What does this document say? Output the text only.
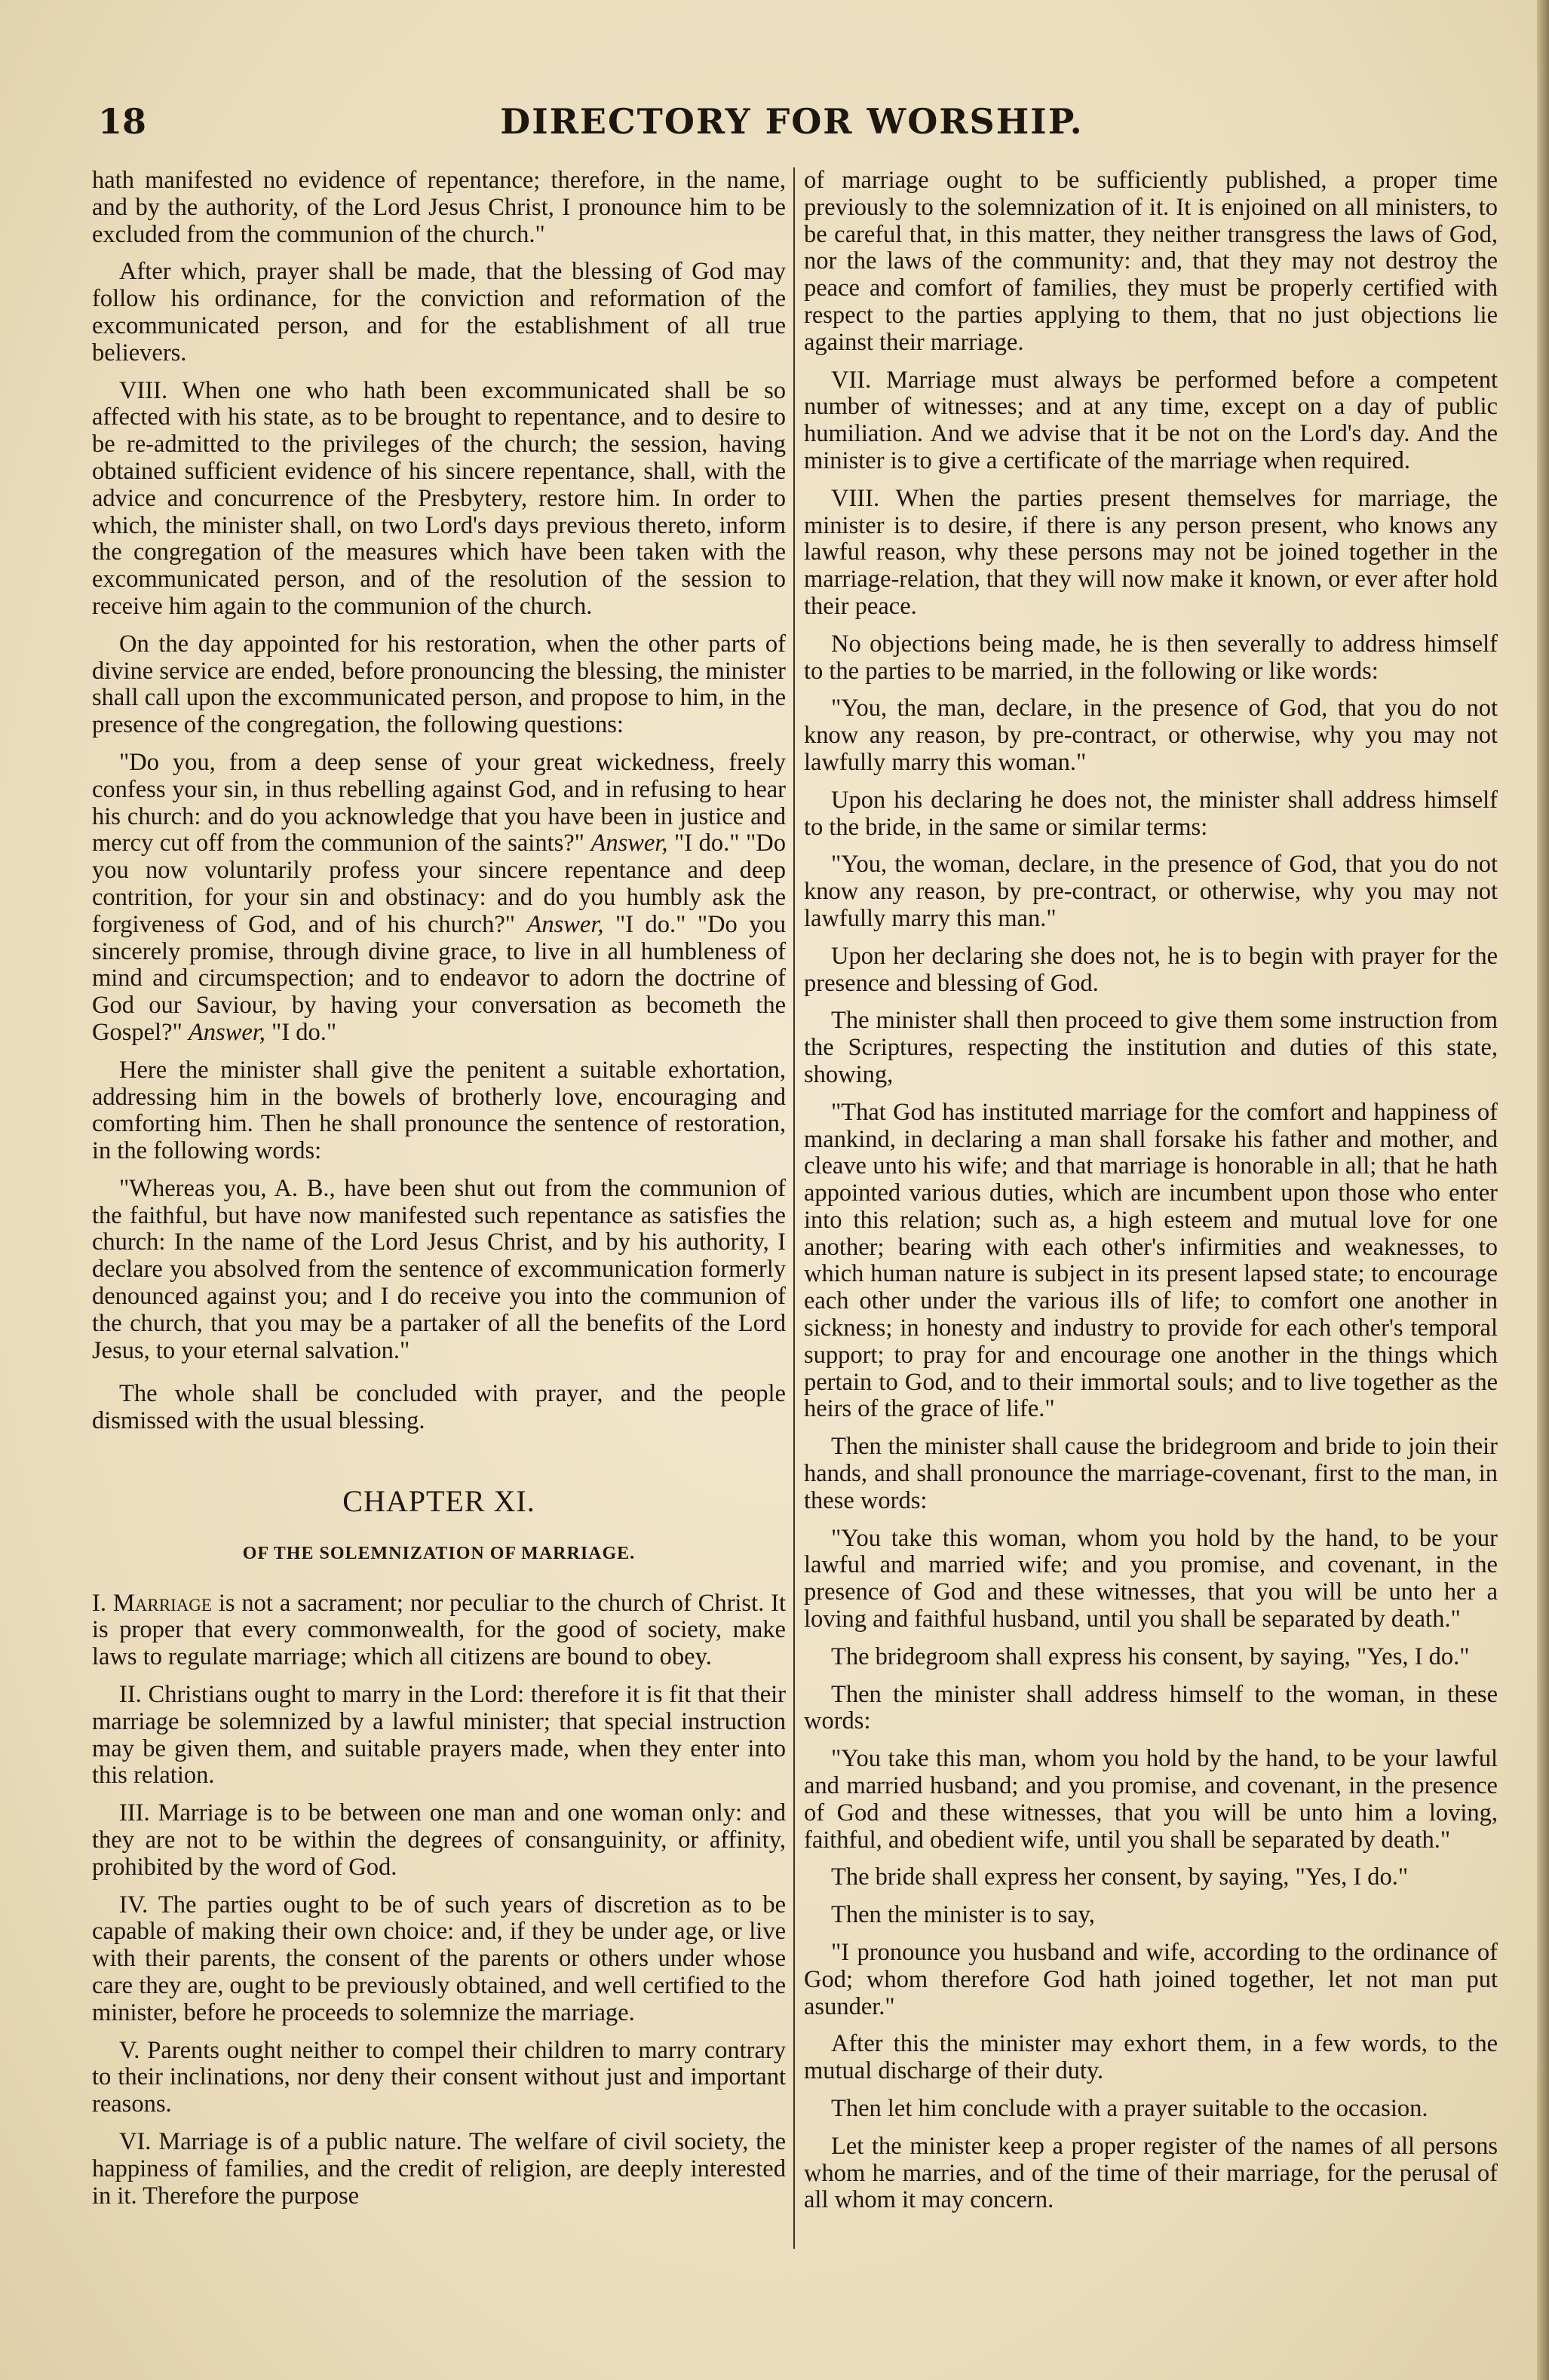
18	DIRECTORY FOR WORSHIP.

hath manifested no evidence of repentance; therefore, in the name, and by the authority, of the Lord Jesus Christ, I pronounce him to be excluded from the communion of the church."

After which, prayer shall be made, that the blessing of God may follow his ordinance, for the conviction and reformation of the excommunicated person, and for the establishment of all true believers.

VIII. When one who hath been excommunicated shall be so affected with his state, as to be brought to repentance, and to desire to be re-admitted to the privileges of the church; the session, having obtained sufficient evidence of his sincere repentance, shall, with the advice and concurrence of the Presbytery, restore him. In order to which, the minister shall, on two Lord's days previous thereto, inform the congregation of the measures which have been taken with the excommunicated person, and of the resolution of the session to receive him again to the communion of the church.

On the day appointed for his restoration, when the other parts of divine service are ended, before pronouncing the blessing, the minister shall call upon the excommunicated person, and propose to him, in the presence of the congregation, the following questions:

"Do you, from a deep sense of your great wickedness, freely confess your sin, in thus rebelling against God, and in refusing to hear his church: and do you acknowledge that you have been in justice and mercy cut off from the communion of the saints?" Answer, "I do." "Do you now voluntarily profess your sincere repentance and deep contrition, for your sin and obstinacy: and do you humbly ask the forgiveness of God, and of his church?" Answer, "I do." "Do you sincerely promise, through divine grace, to live in all humbleness of mind and circumspection; and to endeavor to adorn the doctrine of God our Saviour, by having your conversation as becometh the Gospel?" Answer, "I do."

Here the minister shall give the penitent a suitable exhortation, addressing him in the bowels of brotherly love, encouraging and comforting him. Then he shall pronounce the sentence of restoration, in the following words:

"Whereas you, A. B., have been shut out from the communion of the faithful, but have now manifested such repentance as satisfies the church: In the name of the Lord Jesus Christ, and by his authority, I declare you absolved from the sentence of excommunication formerly denounced against you; and I do receive you into the communion of the church, that you may be a partaker of all the benefits of the Lord Jesus, to your eternal salvation."

The whole shall be concluded with prayer, and the people dismissed with the usual blessing.

CHAPTER XI.
OF THE SOLEMNIZATION OF MARRIAGE.

I. Marriage is not a sacrament; nor peculiar to the church of Christ. It is proper that every commonwealth, for the good of society, make laws to regulate marriage; which all citizens are bound to obey.

II. Christians ought to marry in the Lord: therefore it is fit that their marriage be solemnized by a lawful minister; that special instruction may be given them, and suitable prayers made, when they enter into this relation.

III. Marriage is to be between one man and one woman only: and they are not to be within the degrees of consanguinity, or affinity, prohibited by the word of God.

IV. The parties ought to be of such years of discretion as to be capable of making their own choice: and, if they be under age, or live with their parents, the consent of the parents or others under whose care they are, ought to be previously obtained, and well certified to the minister, before he proceeds to solemnize the marriage.

V. Parents ought neither to compel their children to marry contrary to their inclinations, nor deny their consent without just and important reasons.

VI. Marriage is of a public nature. The welfare of civil society, the happiness of families, and the credit of religion, are deeply interested in it. Therefore the purpose

of marriage ought to be sufficiently published, a proper time previously to the solemnization of it. It is enjoined on all ministers, to be careful that, in this matter, they neither transgress the laws of God, nor the laws of the community: and, that they may not destroy the peace and comfort of families, they must be properly certified with respect to the parties applying to them, that no just objections lie against their marriage.

VII. Marriage must always be performed before a competent number of witnesses; and at any time, except on a day of public humiliation. And we advise that it be not on the Lord's day. And the minister is to give a certificate of the marriage when required.

VIII. When the parties present themselves for marriage, the minister is to desire, if there is any person present, who knows any lawful reason, why these persons may not be joined together in the marriage-relation, that they will now make it known, or ever after hold their peace.

No objections being made, he is then severally to address himself to the parties to be married, in the following or like words:

"You, the man, declare, in the presence of God, that you do not know any reason, by pre-contract, or otherwise, why you may not lawfully marry this woman."

Upon his declaring he does not, the minister shall address himself to the bride, in the same or similar terms:

"You, the woman, declare, in the presence of God, that you do not know any reason, by pre-contract, or otherwise, why you may not lawfully marry this man."

Upon her declaring she does not, he is to begin with prayer for the presence and blessing of God.

The minister shall then proceed to give them some instruction from the Scriptures, respecting the institution and duties of this state, showing,

"That God has instituted marriage for the comfort and happiness of mankind, in declaring a man shall forsake his father and mother, and cleave unto his wife; and that marriage is honorable in all; that he hath appointed various duties, which are incumbent upon those who enter into this relation; such as, a high esteem and mutual love for one another; bearing with each other's infirmities and weaknesses, to which human nature is subject in its present lapsed state; to encourage each other under the various ills of life; to comfort one another in sickness; in honesty and industry to provide for each other's temporal support; to pray for and encourage one another in the things which pertain to God, and to their immortal souls; and to live together as the heirs of the grace of life."

Then the minister shall cause the bridegroom and bride to join their hands, and shall pronounce the marriage-covenant, first to the man, in these words:

"You take this woman, whom you hold by the hand, to be your lawful and married wife; and you promise, and covenant, in the presence of God and these witnesses, that you will be unto her a loving and faithful husband, until you shall be separated by death."

The bridegroom shall express his consent, by saying, "Yes, I do."

Then the minister shall address himself to the woman, in these words:

"You take this man, whom you hold by the hand, to be your lawful and married husband; and you promise, and covenant, in the presence of God and these witnesses, that you will be unto him a loving, faithful, and obedient wife, until you shall be separated by death."

The bride shall express her consent, by saying, "Yes, I do."

Then the minister is to say,

"I pronounce you husband and wife, according to the ordinance of God; whom therefore God hath joined together, let not man put asunder."

After this the minister may exhort them, in a few words, to the mutual discharge of their duty.

Then let him conclude with a prayer suitable to the occasion.

Let the minister keep a proper register of the names of all persons whom he marries, and of the time of their marriage, for the perusal of all whom it may concern.
